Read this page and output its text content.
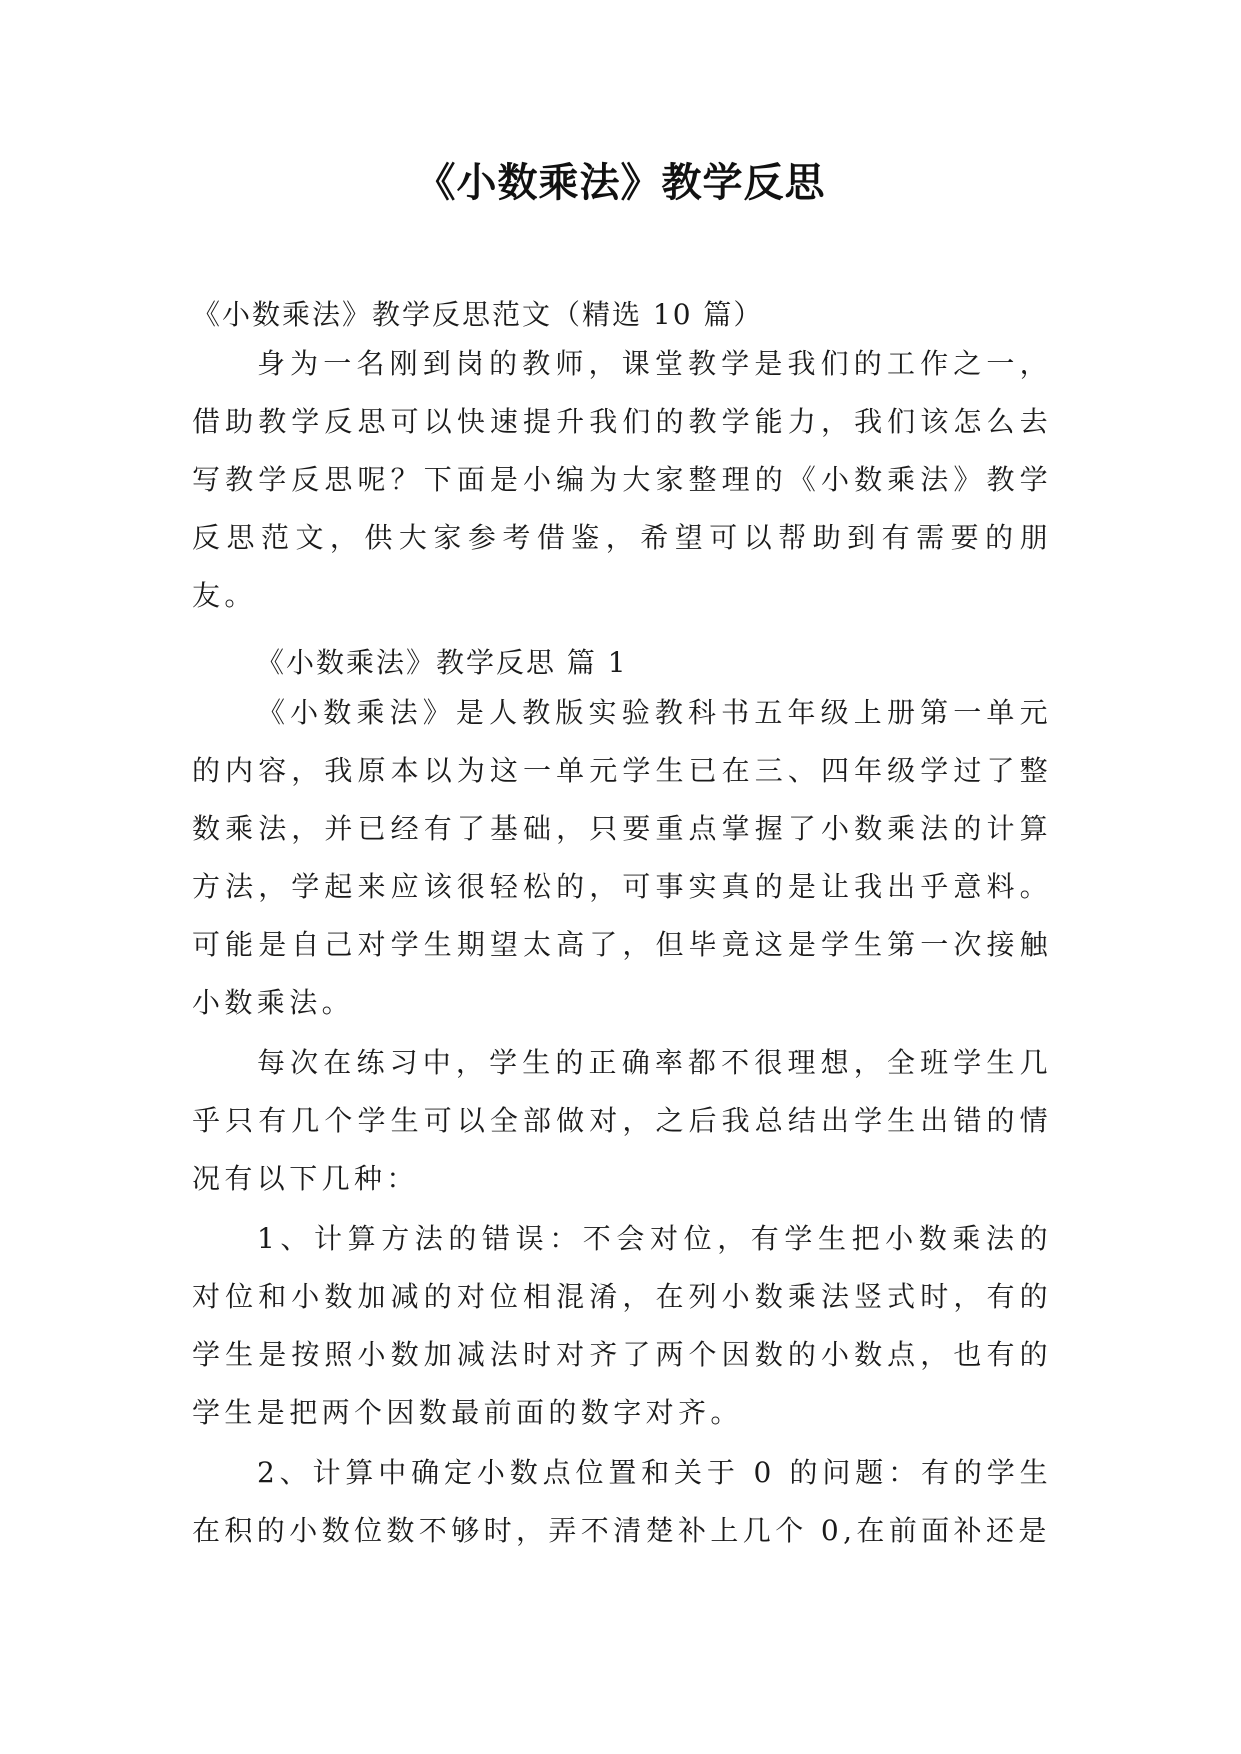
《小数乘法》教学反思
《小数乘法》教学反思范文（精选 10 篇）

身为一名刚到岗的教师，课堂教学是我们的工作之一，借助教学反思可以快速提升我们的教学能力，我们该怎么去写教学反思呢？下面是小编为大家整理的《小数乘法》教学反思范文，供大家参考借鉴，希望可以帮助到有需要的朋友。

《小数乘法》教学反思 篇 1

《小数乘法》是人教版实验教科书五年级上册第一单元的内容，我原本以为这一单元学生已在三、四年级学过了整数乘法，并已经有了基础，只要重点掌握了小数乘法的计算方法，学起来应该很轻松的，可事实真的是让我出乎意料。可能是自己对学生期望太高了，但毕竟这是学生第一次接触小数乘法。

每次在练习中，学生的正确率都不很理想，全班学生几乎只有几个学生可以全部做对，之后我总结出学生出错的情况有以下几种：

1、计算方法的错误：不会对位，有学生把小数乘法的对位和小数加减的对位相混淆，在列小数乘法竖式时，有的学生是按照小数加减法时对齐了两个因数的小数点，也有的学生是把两个因数最前面的数字对齐。

2、计算中确定小数点位置和关于 0 的问题：有的学生在积的小数位数不够时，弄不清楚补上几个 0,在前面补还是
